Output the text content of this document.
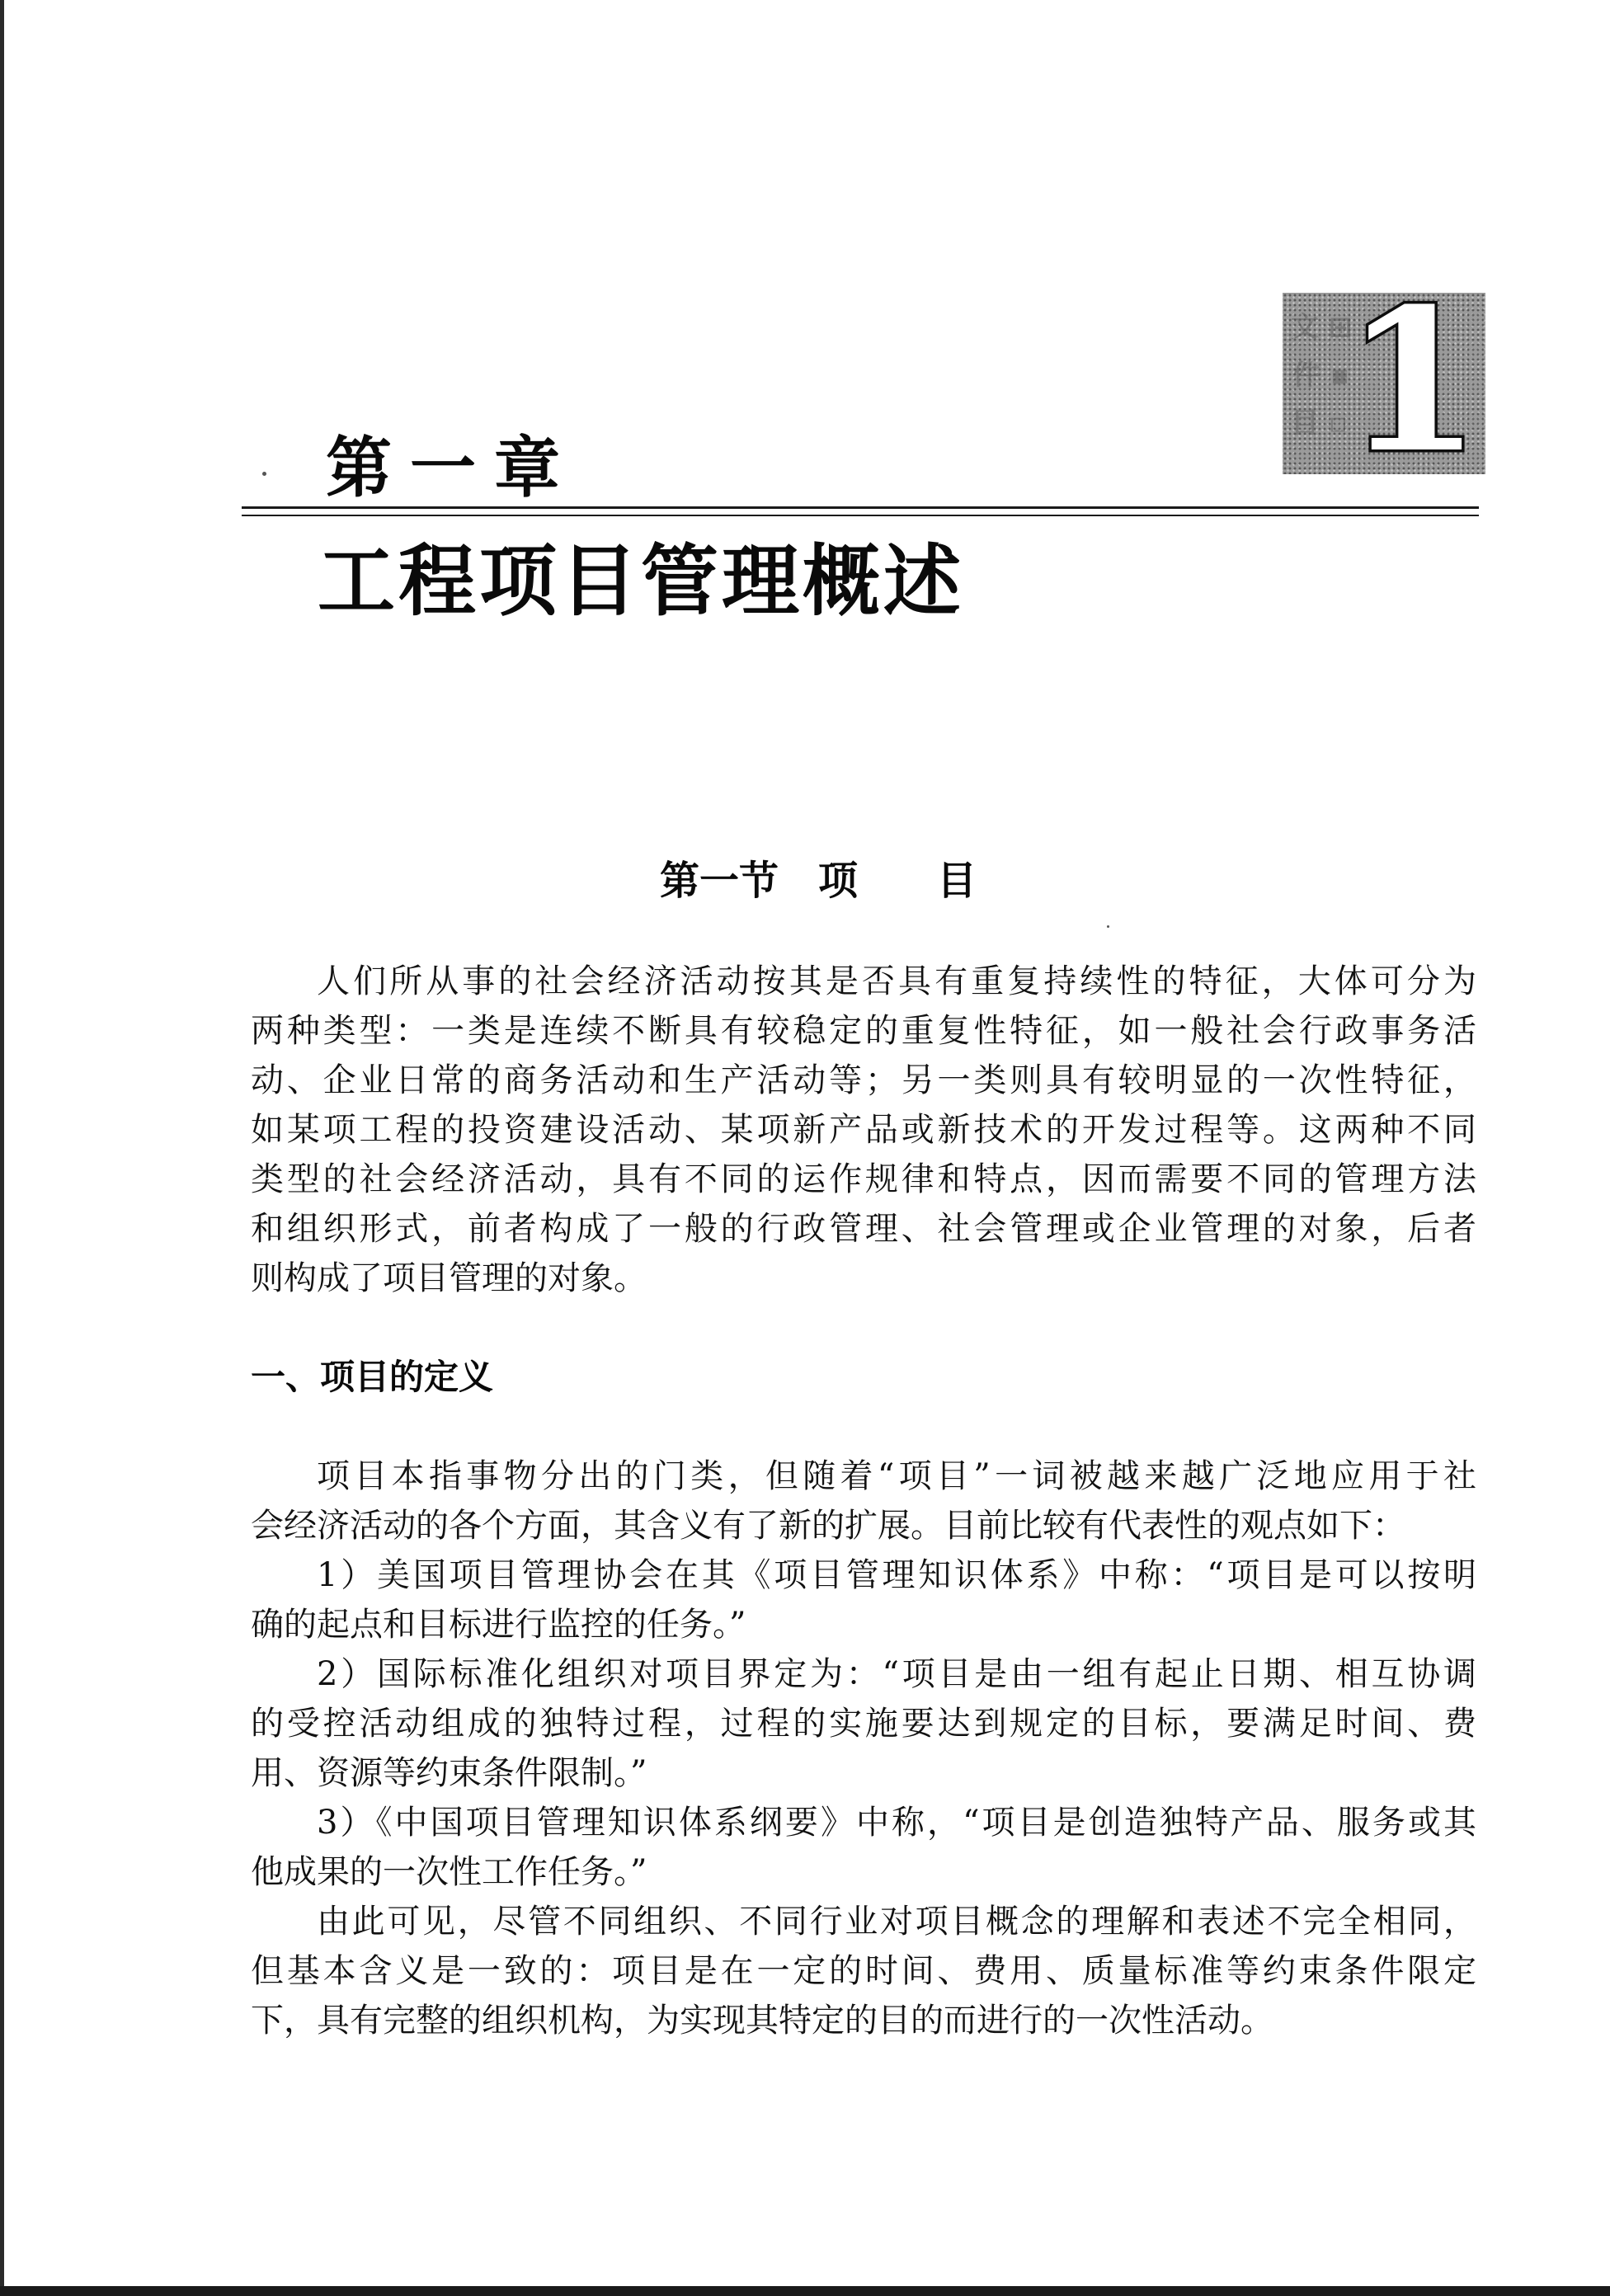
文 ⊞
件 ▪
目 ▫
1
第一章
工程项目管理概述
第一节　项　　目
人们所从事的社会经济活动按其是否具有重复持续性的特征，大体可分为
两种类型：一类是连续不断具有较稳定的重复性特征，如一般社会行政事务活
动、企业日常的商务活动和生产活动等；另一类则具有较明显的一次性特征，
如某项工程的投资建设活动、某项新产品或新技术的开发过程等。这两种不同
类型的社会经济活动，具有不同的运作规律和特点，因而需要不同的管理方法
和组织形式，前者构成了一般的行政管理、社会管理或企业管理的对象，后者
则构成了项目管理的对象。
一、项目的定义
项目本指事物分出的门类，但随着“项目”一词被越来越广泛地应用于社
会经济活动的各个方面，其含义有了新的扩展。目前比较有代表性的观点如下：
1）美国项目管理协会在其《项目管理知识体系》中称：“项目是可以按明
确的起点和目标进行监控的任务。”
2）国际标准化组织对项目界定为：“项目是由一组有起止日期、相互协调
的受控活动组成的独特过程，过程的实施要达到规定的目标，要满足时间、费
用、资源等约束条件限制。”
3）《中国项目管理知识体系纲要》中称，“项目是创造独特产品、服务或其
他成果的一次性工作任务。”
由此可见，尽管不同组织、不同行业对项目概念的理解和表述不完全相同，
但基本含义是一致的：项目是在一定的时间、费用、质量标准等约束条件限定
下，具有完整的组织机构，为实现其特定的目的而进行的一次性活动。
